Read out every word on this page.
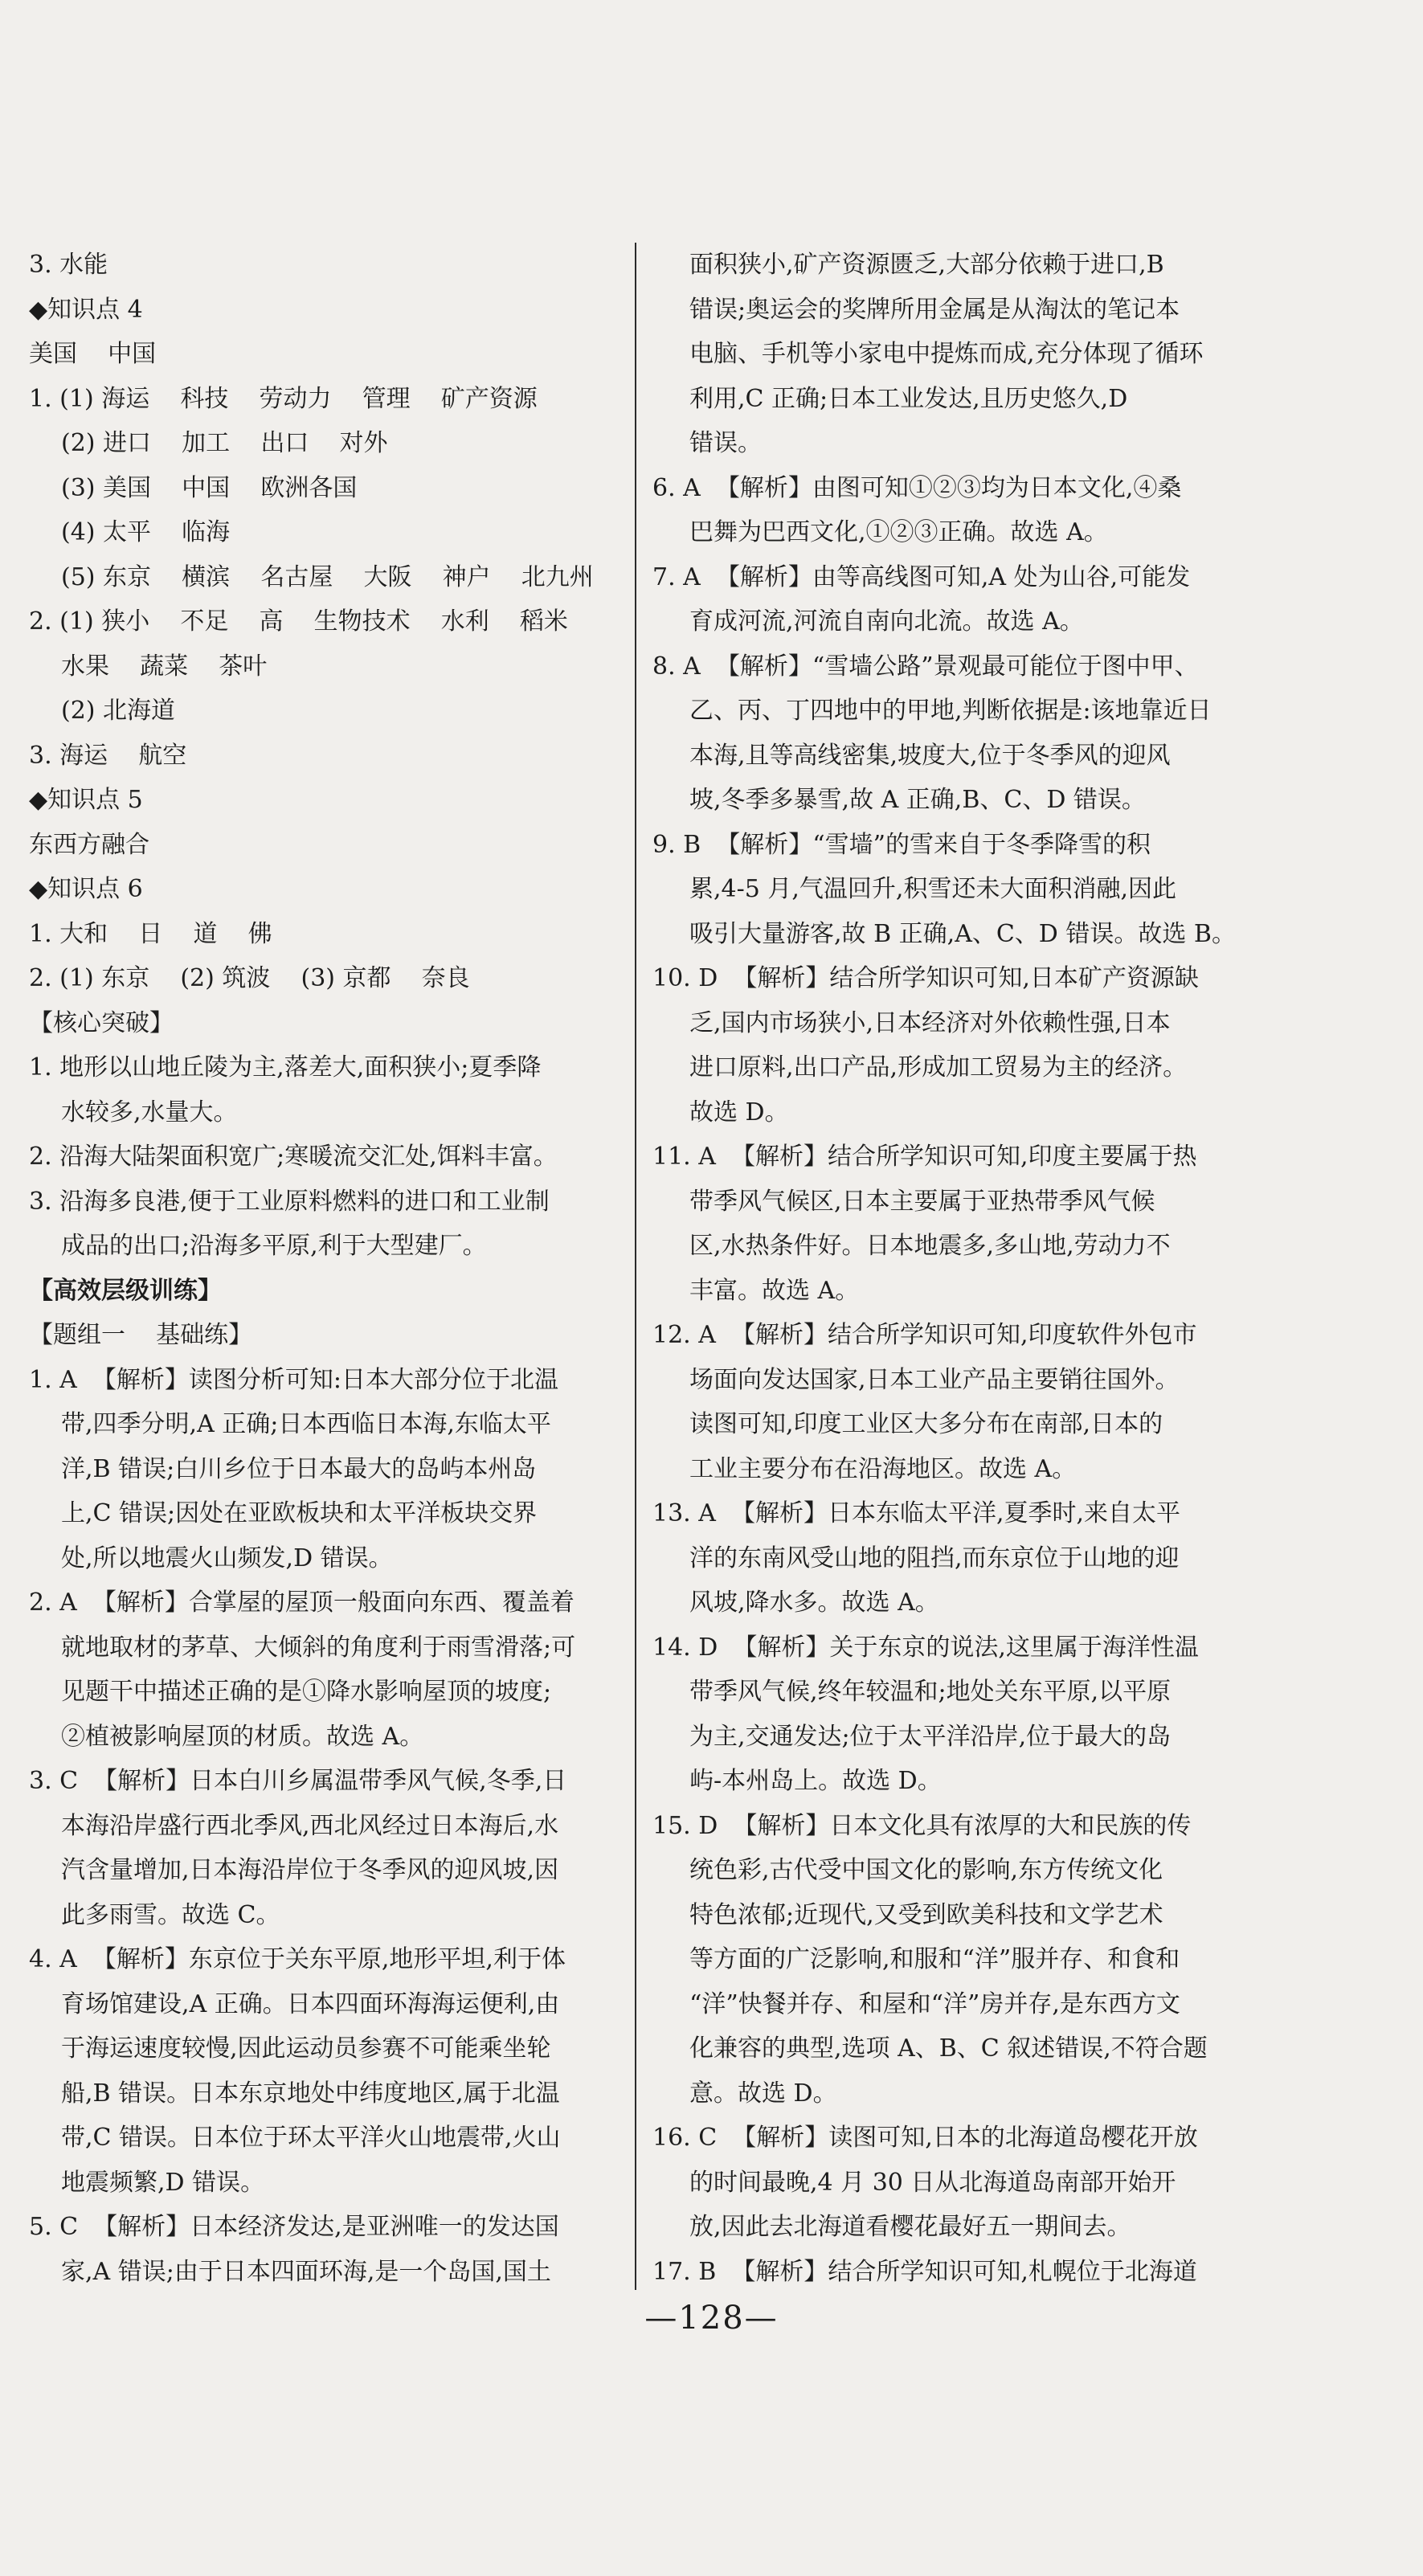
3. 水能
◆知识点 4
美国    中国
1. (1) 海运    科技    劳动力    管理    矿产资源
(2) 进口    加工    出口    对外
(3) 美国    中国    欧洲各国
(4) 太平    临海
(5) 东京    横滨    名古屋    大阪    神户    北九州
2. (1) 狭小    不足    高    生物技术    水利    稻米
水果    蔬菜    茶叶
(2) 北海道
3. 海运    航空
◆知识点 5
东西方融合
◆知识点 6
1. 大和    日    道    佛
2. (1) 东京    (2) 筑波    (3) 京都    奈良
【核心突破】
1. 地形以山地丘陵为主,落差大,面积狭小;夏季降
水较多,水量大。
2. 沿海大陆架面积宽广;寒暖流交汇处,饵料丰富。
3. 沿海多良港,便于工业原料燃料的进口和工业制
成品的出口;沿海多平原,利于大型建厂。
【高效层级训练】
【题组一    基础练】
1. A  【解析】读图分析可知:日本大部分位于北温
带,四季分明,A 正确;日本西临日本海,东临太平
洋,B 错误;白川乡位于日本最大的岛屿本州岛
上,C 错误;因处在亚欧板块和太平洋板块交界
处,所以地震火山频发,D 错误。
2. A  【解析】合掌屋的屋顶一般面向东西、覆盖着
就地取材的茅草、大倾斜的角度利于雨雪滑落;可
见题干中描述正确的是①降水影响屋顶的坡度;
②植被影响屋顶的材质。故选 A。
3. C  【解析】日本白川乡属温带季风气候,冬季,日
本海沿岸盛行西北季风,西北风经过日本海后,水
汽含量增加,日本海沿岸位于冬季风的迎风坡,因
此多雨雪。故选 C。
4. A  【解析】东京位于关东平原,地形平坦,利于体
育场馆建设,A 正确。日本四面环海海运便利,由
于海运速度较慢,因此运动员参赛不可能乘坐轮
船,B 错误。日本东京地处中纬度地区,属于北温
带,C 错误。日本位于环太平洋火山地震带,火山
地震频繁,D 错误。
5. C  【解析】日本经济发达,是亚洲唯一的发达国
家,A 错误;由于日本四面环海,是一个岛国,国土
面积狭小,矿产资源匮乏,大部分依赖于进口,B
错误;奥运会的奖牌所用金属是从淘汰的笔记本
电脑、手机等小家电中提炼而成,充分体现了循环
利用,C 正确;日本工业发达,且历史悠久,D
错误。
6. A  【解析】由图可知①②③均为日本文化,④桑
巴舞为巴西文化,①②③正确。故选 A。
7. A  【解析】由等高线图可知,A 处为山谷,可能发
育成河流,河流自南向北流。故选 A。
8. A  【解析】“雪墙公路”景观最可能位于图中甲、
乙、丙、丁四地中的甲地,判断依据是:该地靠近日
本海,且等高线密集,坡度大,位于冬季风的迎风
坡,冬季多暴雪,故 A 正确,B、C、D 错误。
9. B  【解析】“雪墙”的雪来自于冬季降雪的积
累,4-5 月,气温回升,积雪还未大面积消融,因此
吸引大量游客,故 B 正确,A、C、D 错误。故选 B。
10. D  【解析】结合所学知识可知,日本矿产资源缺
乏,国内市场狭小,日本经济对外依赖性强,日本
进口原料,出口产品,形成加工贸易为主的经济。
故选 D。
11. A  【解析】结合所学知识可知,印度主要属于热
带季风气候区,日本主要属于亚热带季风气候
区,水热条件好。日本地震多,多山地,劳动力不
丰富。故选 A。
12. A  【解析】结合所学知识可知,印度软件外包市
场面向发达国家,日本工业产品主要销往国外。
读图可知,印度工业区大多分布在南部,日本的
工业主要分布在沿海地区。故选 A。
13. A  【解析】日本东临太平洋,夏季时,来自太平
洋的东南风受山地的阻挡,而东京位于山地的迎
风坡,降水多。故选 A。
14. D  【解析】关于东京的说法,这里属于海洋性温
带季风气候,终年较温和;地处关东平原,以平原
为主,交通发达;位于太平洋沿岸,位于最大的岛
屿-本州岛上。故选 D。
15. D  【解析】日本文化具有浓厚的大和民族的传
统色彩,古代受中国文化的影响,东方传统文化
特色浓郁;近现代,又受到欧美科技和文学艺术
等方面的广泛影响,和服和“洋”服并存、和食和
“洋”快餐并存、和屋和“洋”房并存,是东西方文
化兼容的典型,选项 A、B、C 叙述错误,不符合题
意。故选 D。
16. C  【解析】读图可知,日本的北海道岛樱花开放
的时间最晚,4 月 30 日从北海道岛南部开始开
放,因此去北海道看樱花最好五一期间去。
17. B  【解析】结合所学知识可知,札幌位于北海道
—128—
